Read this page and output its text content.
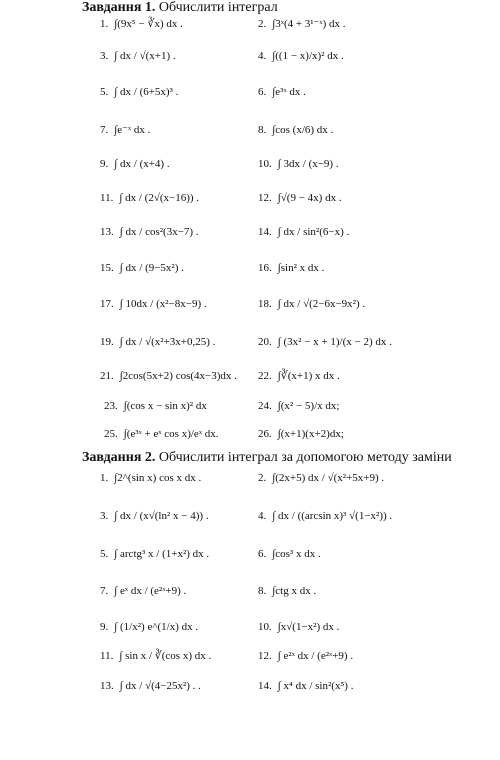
Завдання 1. Обчислити інтеграл
1. ∫(9x⁵ − ∛x) dx .	2. ∫3ˣ(4 + 3¹⁻ˣ) dx .
3. ∫ dx / √(x+1) .	4. ∫((1 − x)/x)² dx .
5. ∫ dx / (6+5x)³ .	6. ∫e³ˣ dx .
7. ∫e⁻ˣ dx .	8. ∫cos (x/6) dx .
9. ∫ dx / (x+4) .	10. ∫ 3dx / (x−9) .
11. ∫ dx / (2√(x−16)) .	12. ∫√(9 − 4x) dx .
13. ∫ dx / cos²(3x−7) .	14. ∫ dx / sin²(6−x) .
15. ∫ dx / (9−5x²) .	16. ∫sin² x dx .
17. ∫ 10dx / (x²−8x−9) .	18. ∫ dx / √(2−6x−9x²) .
19. ∫ dx / √(x²+3x+0,25) .	20. ∫ (3x² − x + 1)/(x − 2) dx .
21. ∫2cos(5x+2) cos(4x−3)dx . 22. ∫∛(x+1) x dx .
23. ∫(cos x − sin x)² dx	24. ∫(x² − 5)/x dx;
25. ∫(e³ˣ + eˣ cos x)/eˣ dx.	26. ∫(x+1)(x+2)dx;
Завдання 2. Обчислити інтеграл за допомогою методу заміни
1. ∫2^(sin x) cos x dx .	2. ∫(2x+5) dx / √(x²+5x+9) .
3. ∫ dx / (x√(ln² x − 4)) .	4. ∫ dx / ((arcsin x)³ √(1−x²)) .
5. ∫ arctg³ x / (1+x²) dx .	6. ∫cos³ x dx .
7. ∫ eˣ dx / (e²ˣ+9) .	8. ∫ctg x dx .
9. ∫ (1/x²) e^(1/x) dx .	10. ∫x√(1−x²) dx .
11. ∫ sin x / ∛(cos x) dx .	12. ∫ e²ˣ dx / (e²ˣ+9) .
13. ∫ dx / √(4−25x²) . .	14. ∫ x⁴ dx / sin²(x⁵) .
